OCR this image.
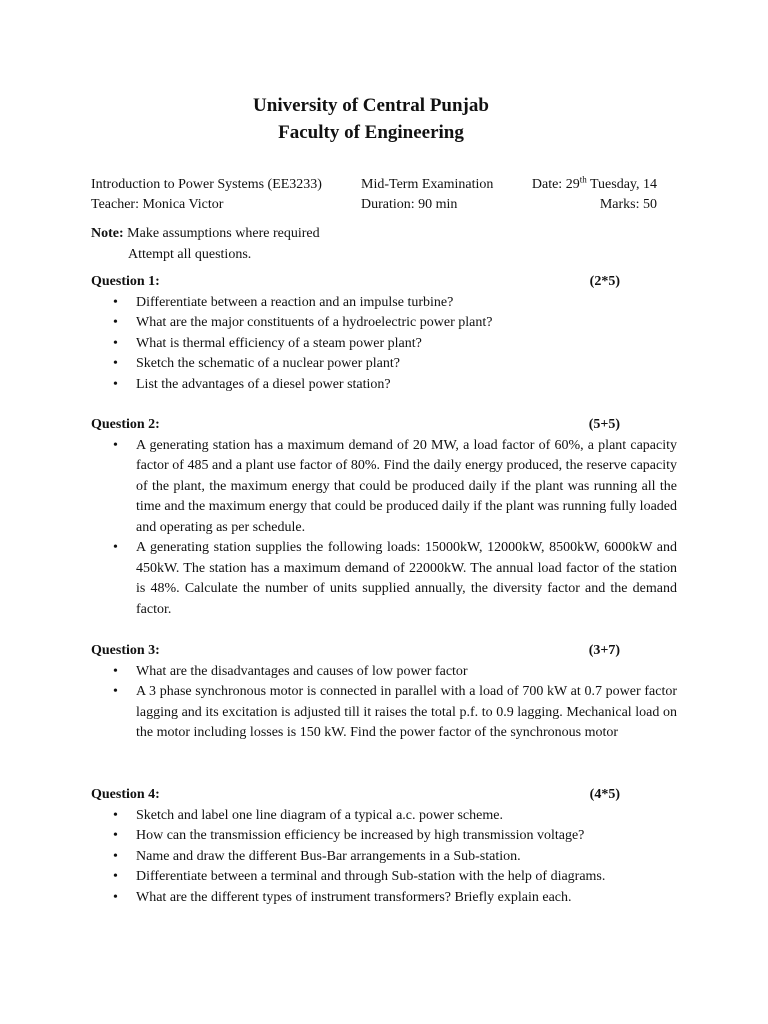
University of Central Punjab
Faculty of Engineering
Introduction to Power Systems (EE3233)	Mid-Term Examination	Date: 29th Tuesday, 14
Teacher: Monica Victor	Duration: 90 min	Marks: 50
Note: Make assumptions where required
Attempt all questions.
Question 1:	(2*5)
• Differentiate between a reaction and an impulse turbine?
• What are the major constituents of a hydroelectric power plant?
• What is thermal efficiency of a steam power plant?
• Sketch the schematic of a nuclear power plant?
• List the advantages of a diesel power station?
Question 2:	(5+5)
• A generating station has a maximum demand of 20 MW, a load factor of 60%, a plant capacity factor of 485 and a plant use factor of 80%. Find the daily energy produced, the reserve capacity of the plant, the maximum energy that could be produced daily if the plant was running all the time and the maximum energy that could be produced daily if the plant was running fully loaded and operating as per schedule.
• A generating station supplies the following loads: 15000kW, 12000kW, 8500kW, 6000kW and 450kW. The station has a maximum demand of 22000kW. The annual load factor of the station is 48%. Calculate the number of units supplied annually, the diversity factor and the demand factor.
Question 3:	(3+7)
• What are the disadvantages and causes of low power factor
• A 3 phase synchronous motor is connected in parallel with a load of 700 kW at 0.7 power factor lagging and its excitation is adjusted till it raises the total p.f. to 0.9 lagging. Mechanical load on the motor including losses is 150 kW. Find the power factor of the synchronous motor
Question 4:	(4*5)
• Sketch and label one line diagram of a typical a.c. power scheme.
• How can the transmission efficiency be increased by high transmission voltage?
• Name and draw the different Bus-Bar arrangements in a Sub-station.
• Differentiate between a terminal and through Sub-station with the help of diagrams.
• What are the different types of instrument transformers? Briefly explain each.
